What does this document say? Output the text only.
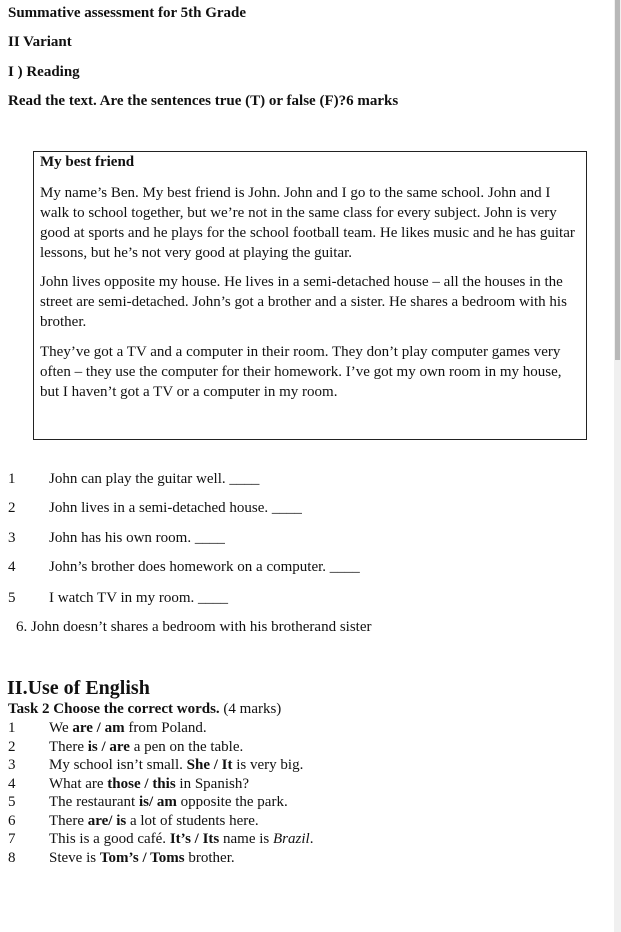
Summative assessment for 5th Grade
II Variant
I ) Reading
Read the text. Are the sentences true (T) or false (F)?6 marks
My best friend
My name’s Ben. My best friend is John. John and I go to the same school. John and I walk to school together, but we’re not in the same class for every subject. John is very good at sports and he plays for the school football team. He likes music and he has guitar lessons, but he’s not very good at playing the guitar.
John lives opposite my house. He lives in a semi-detached house – all the houses in the street are semi-detached. John’s got a brother and a sister. He shares a bedroom with his brother.
They’ve got a TV and a computer in their room. They don’t play computer games very often – they use the computer for their homework. I’ve got my own room in my house, but I haven’t got a TV or a computer in my room.
1 John can play the guitar well. ____
2 John lives in a semi-detached house. ____
3 John has his own room. ____
4 John’s brother does homework on a computer. ____
5 I watch TV in my room. ____
6. John doesn’t shares a bedroom with his brotherand sister
II.Use of English
Task 2 Choose the correct words. (4 marks)
1 We are / am from Poland.
2 There is / are a pen on the table.
3 My school isn’t small. She / It is very big.
4 What are those / this in Spanish?
5 The restaurant is/ am opposite the park.
6 There are/ is a lot of students here.
7 This is a good café. It’s / Its name is Brazil.
8 Steve is Tom’s / Toms brother.
